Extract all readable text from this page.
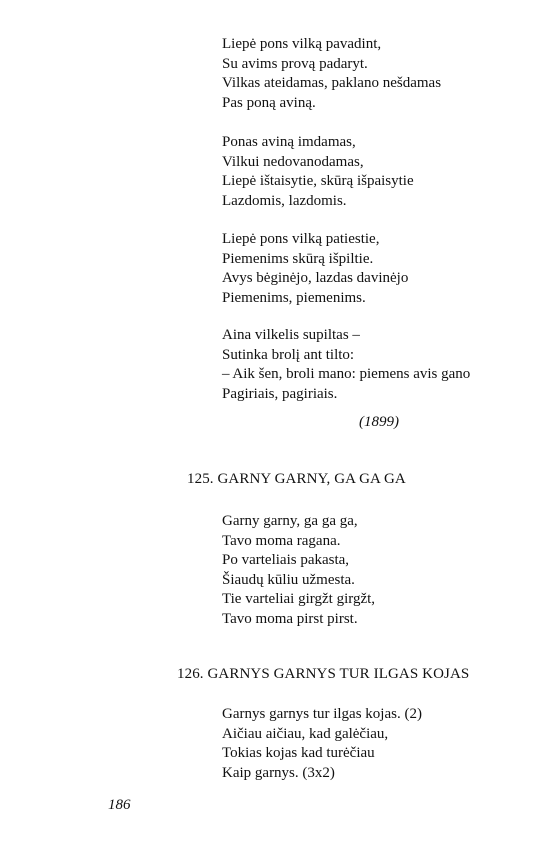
Liepė pons vilką pavadint,
Su avims provą padaryt.
Vilkas ateidamas, paklano nešdamas
Pas poną aviną.
Ponas aviną imdamas,
Vilkui nedovanodamas,
Liepė ištaisytie, skūrą išpaisytie
Lazdomis, lazdomis.
Liepė pons vilką patiestie,
Piemenims skūrą išpiltie.
Avys bėginėjo, lazdas davinėjo
Piemenims, piemenims.
Aina vilkelis supiltas –
Sutinka brolį ant tilto:
– Aik šen, broli mano: piemens avis gano
Pagiriais, pagiriais.
(1899)
125. GARNY GARNY, GA GA GA
Garny garny, ga ga ga,
Tavo moma ragana.
Po varteliais pakasta,
Šiaudų kūliu užmesta.
Tie varteliai girgžt girgžt,
Tavo moma pirst pirst.
126. GARNYS GARNYS TUR ILGAS KOJAS
Garnys garnys tur ilgas kojas. (2)
Aičiau aičiau, kad galėčiau,
Tokias kojas kad turėčiau
Kaip garnys. (3x2)
186
